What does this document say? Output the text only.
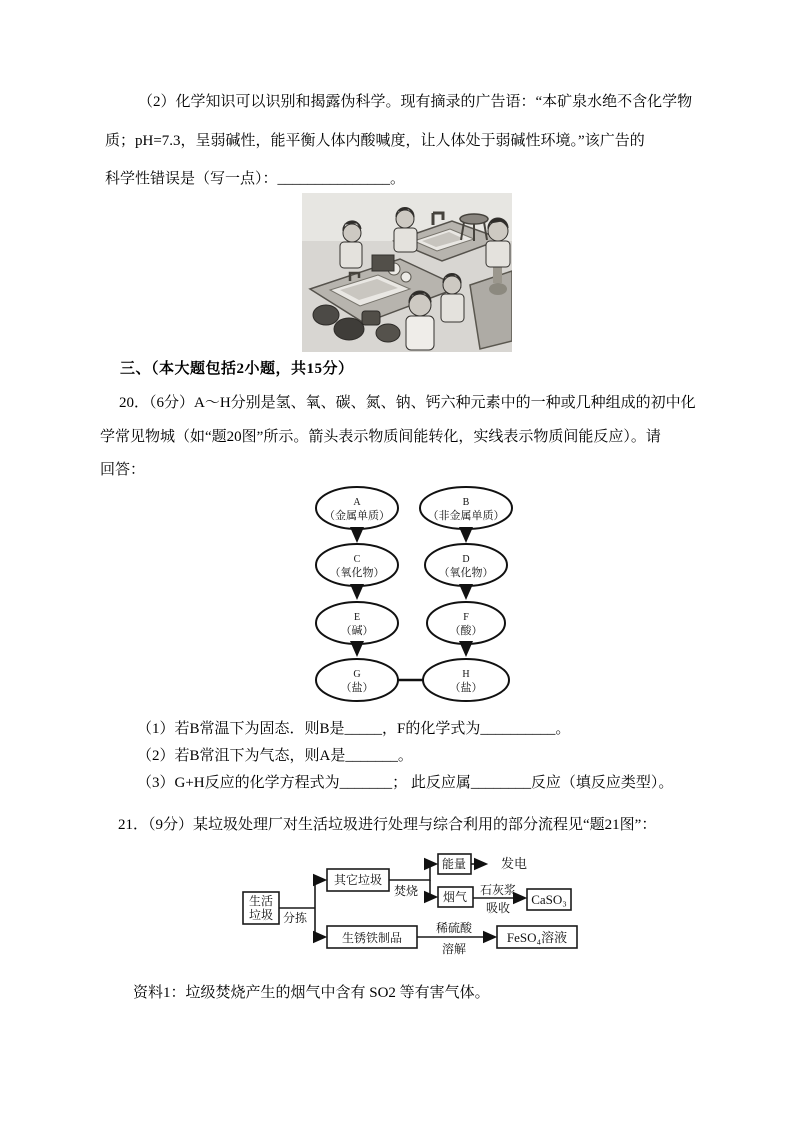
（2）化学知识可以识别和揭露伪科学。现有摘录的广告语：“本矿泉水绝不含化学物
质；pH=7.3，呈弱碱性，能平衡人体内酸喊度，让人体处于弱碱性环境。”该广告的
科学性错误是（写一点）：_______________。
三、（本大题包括2小题，共15分）
20．（6分）A～H分别是氢、氧、碳、氮、钠、钙六种元素中的一种或几种组成的初中化
学常见物城（如“题20图”所示。箭头表示物质间能转化，实线表示物质间能反应）。请
回答：
A
（金属单质）
B
（非金属单质）
C
（氧化物）
D
（氧化物）
E
（碱）
F
（酸）
G
（盐）
H
（盐）
（1）若B常温下为固态．则B是_____，F的化学式为__________。
（2）若B常沮下为气态，则A是_______。
（3）G+H反应的化学方程式为_______； 此反应属________反应（填反应类型）。
21．（9分）某垃圾处理厂对生活垃圾进行处理与综合利用的部分流程见“题21图”：
生活
垃圾 分拣
其它垃圾
焚烧
能量	发电
烟气 石灰浆
吸收
CaSO₃
生锈铁制品
稀硫酸
溶解
FeSO₄溶液
资料1：垃级焚烧产生的烟气中含有 SO2 等有害气体。
